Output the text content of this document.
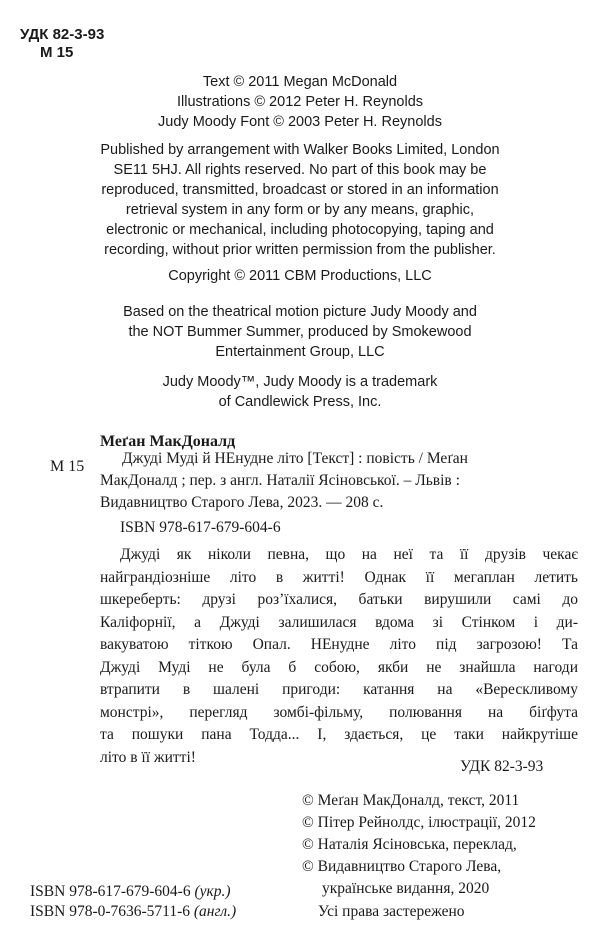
УДК 82-3-93
М 15
Text © 2011 Megan McDonald
Illustrations © 2012 Peter H. Reynolds
Judy Moody Font © 2003 Peter H. Reynolds
Published by arrangement with Walker Books Limited, London
SE11 5HJ. All rights reserved. No part of this book may be
reproduced, transmitted, broadcast or stored in an information
retrieval system in any form or by any means, graphic,
electronic or mechanical, including photocopying, taping and
recording, without prior written permission from the publisher.
Copyright © 2011 CBM Productions, LLC
Based on the theatrical motion picture Judy Moody and
the NOT Bummer Summer, produced by Smokewood
Entertainment Group, LLC
Judy Moody™, Judy Moody is a trademark
of Candlewick Press, Inc.
Меґан МакДоналд
М 15	Джуді Муді й НЕнудне літо [Текст] : повість / Меґан
МакДоналд ; пер. з англ. Наталії Ясіновської. – Львів :
Видавництво Старого Лева, 2023. — 208 с.
ISBN 978-617-679-604-6
Джуді як ніколи певна, що на неї та її друзів чекає
найграндіозніше літо в житті! Однак її мегаплан летить
шкереберть: друзі роз’їхалися, батьки вирушили самі до
Каліфорнії, а Джуді залишилася вдома зі Стінком і ди-
вакуватою тіткою Опал. НЕнудне літо під загрозою! Та
Джуді Муді не була б собою, якби не знайшла нагоди
втрапити в шалені пригоди: катання на «Верескливому
монстрі», перегляд зомбі-фільму, полювання на біґфута
та пошуки пана Тодда... І, здається, це таки найкрутіше
літо в її житті!
УДК 82-3-93
© Меґан МакДоналд, текст, 2011
© Пітер Рейнолдс, ілюстрації, 2012
© Наталія Ясіновська, переклад,
© Видавництво Старого Лева,
українське видання, 2020
ISBN 978-617-679-604-6 (укр.)
ISBN 978-0-7636-5711-6 (англ.)	Усі права застережено
